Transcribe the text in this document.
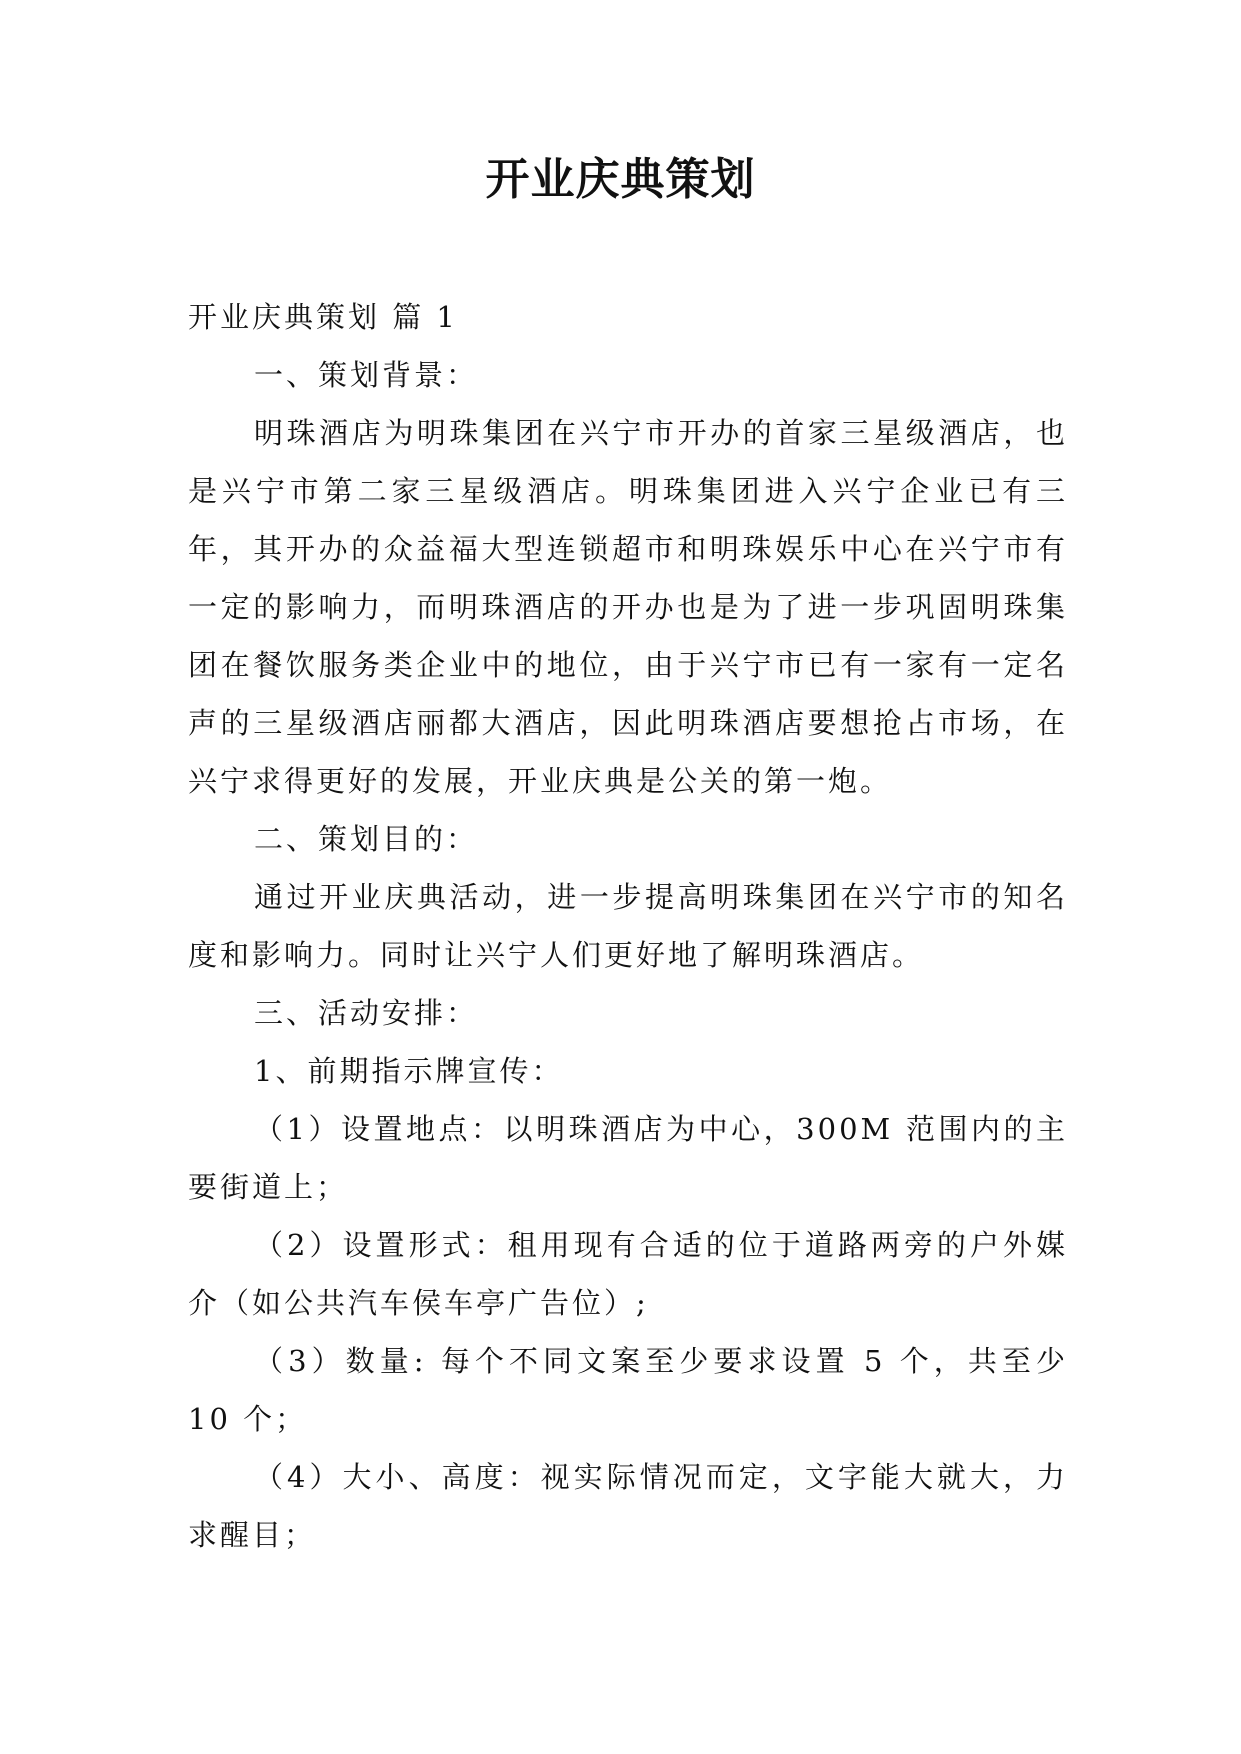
开业庆典策划

开业庆典策划 篇 1

一、策划背景：

明珠酒店为明珠集团在兴宁市开办的首家三星级酒店，也是兴宁市第二家三星级酒店。明珠集团进入兴宁企业已有三年，其开办的众益福大型连锁超市和明珠娱乐中心在兴宁市有一定的影响力，而明珠酒店的开办也是为了进一步巩固明珠集团在餐饮服务类企业中的地位，由于兴宁市已有一家有一定名声的三星级酒店丽都大酒店，因此明珠酒店要想抢占市场，在兴宁求得更好的发展，开业庆典是公关的第一炮。

二、策划目的：

通过开业庆典活动，进一步提高明珠集团在兴宁市的知名度和影响力。同时让兴宁人们更好地了解明珠酒店。

三、活动安排：

1、前期指示牌宣传：

（1）设置地点：以明珠酒店为中心，300M 范围内的主要街道上；

（2）设置形式：租用现有合适的位于道路两旁的户外媒介（如公共汽车侯车亭广告位）;

（3）数量: 每个不同文案至少要求设置 5 个，共至少 10 个；

（4）大小、高度：视实际情况而定，文字能大就大，力求醒目；
